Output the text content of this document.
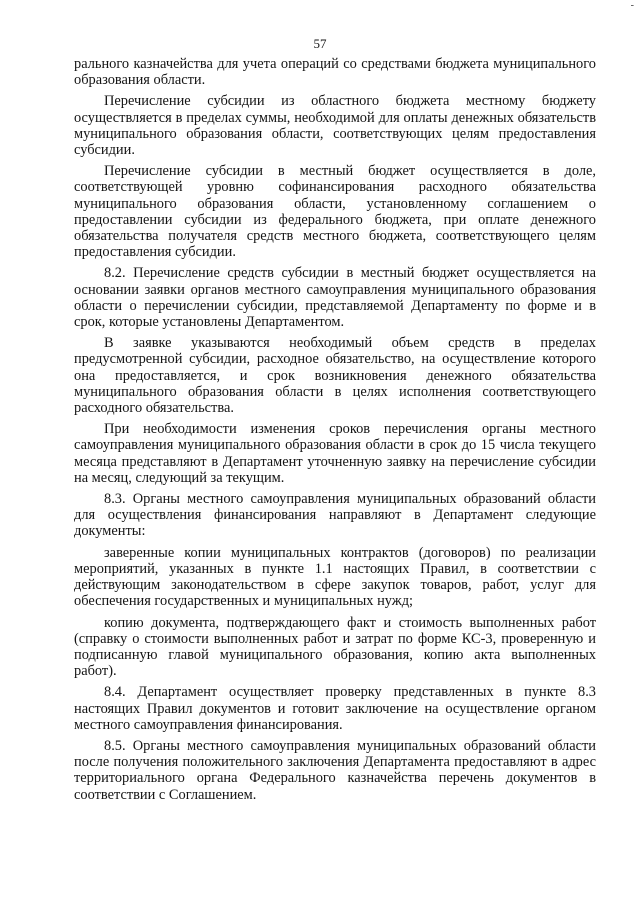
-
57

рального казначейства для учета операций со средствами бюджета муниципального образования области.

Перечисление субсидии из областного бюджета местному бюджету осуществляется в пределах суммы, необходимой для оплаты денежных обязательств муниципального образования области, соответствующих целям предоставления субсидии.

Перечисление субсидии в местный бюджет осуществляется в доле, соответствующей уровню софинансирования расходного обязательства муниципального образования области, установленному соглашением о предоставлении субсидии из федерального бюджета, при оплате денежного обязательства получателя средств местного бюджета, соответствующего целям предоставления субсидии.

8.2. Перечисление средств субсидии в местный бюджет осуществляется на основании заявки органов местного самоуправления муниципального образования области о перечислении субсидии, представляемой Департаменту по форме и в срок, которые установлены Департаментом.

В заявке указываются необходимый объем средств в пределах предусмотренной субсидии, расходное обязательство, на осуществление которого она предоставляется, и срок возникновения денежного обязательства муниципального образования области в целях исполнения соответствующего расходного обязательства.

При необходимости изменения сроков перечисления органы местного самоуправления муниципального образования области в срок до 15 числа текущего месяца представляют в Департамент уточненную заявку на перечисление субсидии на месяц, следующий за текущим.

8.3. Органы местного самоуправления муниципальных образований области для осуществления финансирования направляют в Департамент следующие документы:

заверенные копии муниципальных контрактов (договоров) по реализации мероприятий, указанных в пункте 1.1 настоящих Правил, в соответствии с действующим законодательством в сфере закупок товаров, работ, услуг для обеспечения государственных и муниципальных нужд;

копию документа, подтверждающего факт и стоимость выполненных работ (справку о стоимости выполненных работ и затрат по форме КС-3, проверенную и подписанную главой муниципального образования, копию акта выполненных работ).

8.4. Департамент осуществляет проверку представленных в пункте 8.3 настоящих Правил документов и готовит заключение на осуществление органом местного самоуправления финансирования.

8.5. Органы местного самоуправления муниципальных образований области после получения положительного заключения Департамента предоставляют в адрес территориального органа Федерального казначейства перечень документов в соответствии с Соглашением.
